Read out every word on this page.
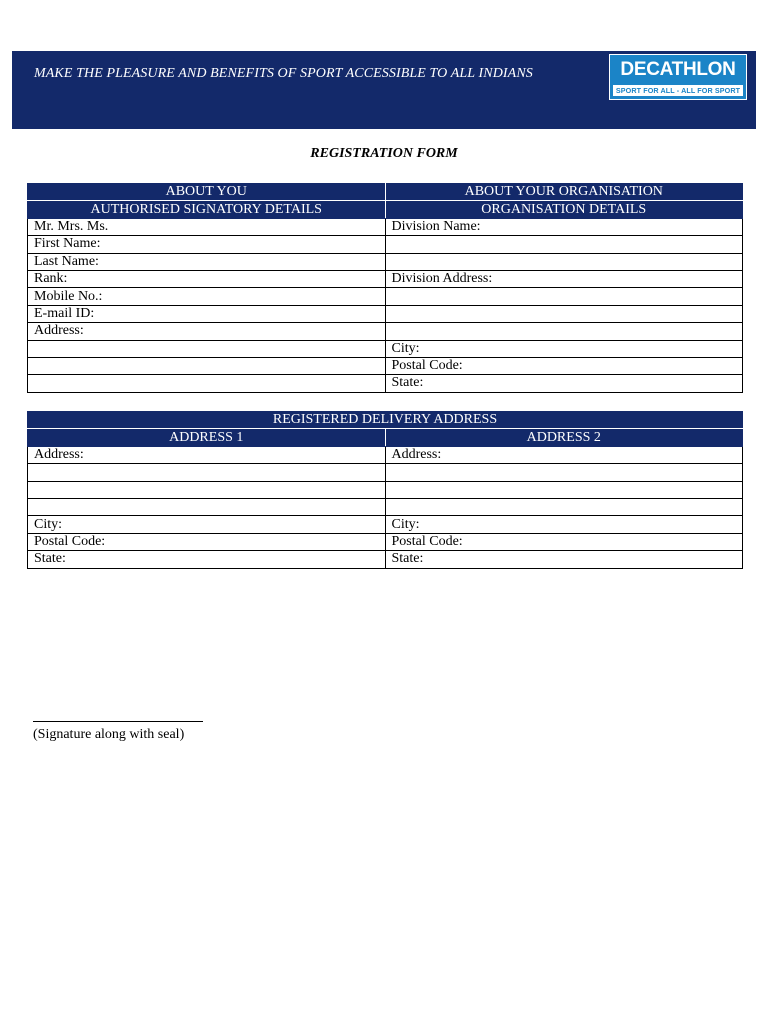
MAKE THE PLEASURE AND BENEFITS OF SPORT ACCESSIBLE TO ALL INDIANS	DECATHLON
SPORT FOR ALL - ALL FOR SPORT
REGISTRATION FORM
ABOUT YOU	ABOUT YOUR ORGANISATION
AUTHORISED SIGNATORY DETAILS	ORGANISATION DETAILS
Mr. Mrs. Ms.	Division Name:
First Name:	
Last Name:	
Rank:	Division Address:
Mobile No.:	
E-mail ID:	
Address:	
	City:
	Postal Code:
	State:
REGISTERED DELIVERY ADDRESS	
ADDRESS 1	ADDRESS 2
Address:	Address:

City:	City:
Postal Code:	Postal Code:
State:	State:
(Signature along with seal)
